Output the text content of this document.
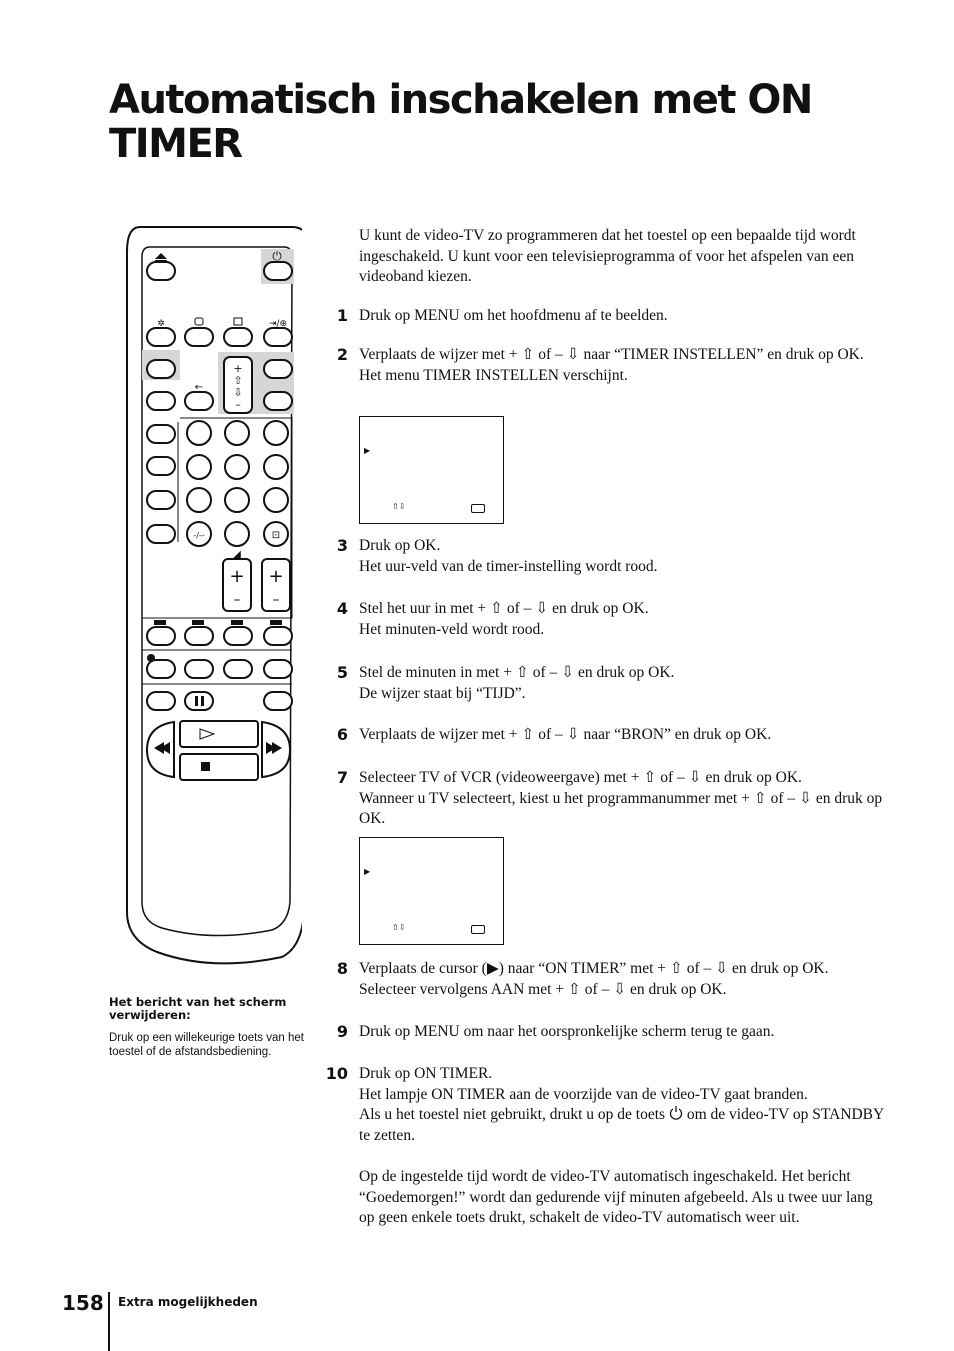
Automatisch inschakelen met ON TIMER
⏻
✲	⇥/⊕
+
⇧
⇩
–
←
-/--	⊡
◢
+
–
+
–

U kunt de video-TV zo programmeren dat het toestel op een bepaalde tijd wordt ingeschakeld. U kunt voor een televisieprogramma of voor het afspelen van een videoband kiezen.

1 Druk op MENU om het hoofdmenu af te beelden.

2 Verplaats de wijzer met + ⇧ of – ⇩ naar “TIMER INSTELLEN” en druk op OK.

Het menu TIMER INSTELLEN verschijnt.

▶
⇧⇩
3 Druk op OK.

Het uur-veld van de timer-instelling wordt rood.

4 Stel het uur in met + ⇧ of – ⇩ en druk op OK.

Het minuten-veld wordt rood.

5 Stel de minuten in met + ⇧ of – ⇩ en druk op OK.

De wijzer staat bij “TIJD”.

6 Verplaats de wijzer met + ⇧ of – ⇩ naar “BRON” en druk op OK.

7 Selecteer TV of VCR (videoweergave) met + ⇧ of – ⇩ en druk op OK.

Wanneer u TV selecteert, kiest u het programmanummer met + ⇧ of – ⇩ en druk op OK.

▶
⇧⇩
8 Verplaats de cursor (▶) naar “ON TIMER” met + ⇧ of – ⇩ en druk op OK.

Selecteer vervolgens AAN met + ⇧ of – ⇩ en druk op OK.

9 Druk op MENU om naar het oorspronkelijke scherm terug te gaan.

10 Druk op ON TIMER.

Het lampje ON TIMER aan de voorzijde van de video-TV gaat branden.

Als u het toestel niet gebruikt, drukt u op de toets  om de video-TV op STANDBY te zetten.

Op de ingestelde tijd wordt de video-TV automatisch ingeschakeld. Het bericht “Goedemorgen!” wordt dan gedurende vijf minuten afgebeeld. Als u twee uur lang op geen enkele toets drukt, schakelt de video-TV automatisch weer uit.

Het bericht van het scherm verwijderen:

Druk op een willekeurige toets van het toestel of de afstandsbediening.

158 Extra mogelijkheden
